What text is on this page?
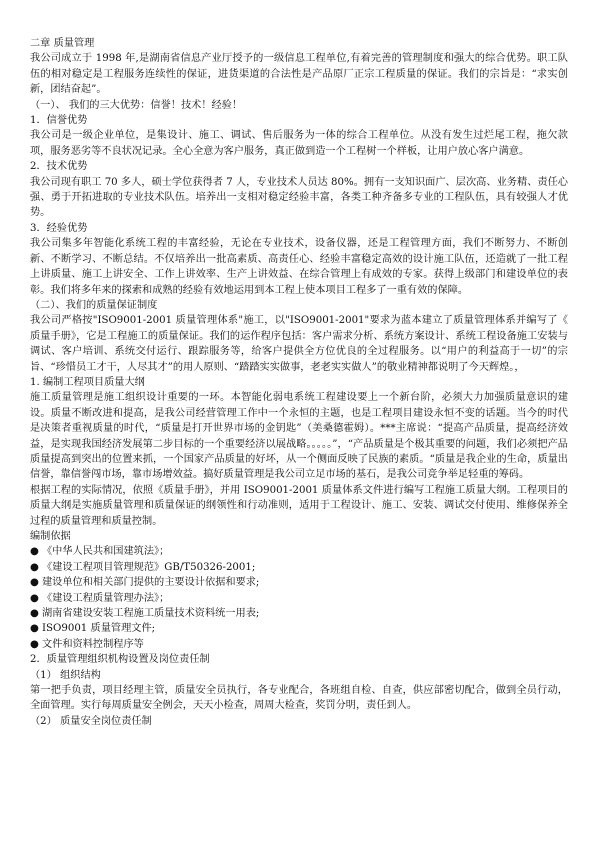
二章 质量管理

我公司成立于 1998 年,是湖南省信息产业厅授予的一级信息工程单位,有着完善的管理制度和强大的综合优势。职工队伍的相对稳定是工程服务连续性的保证，进货渠道的合法性是产品原厂正宗工程质量的保证。我们的宗旨是：“求实创新，团结奋起”。

（一）、 我们的三大优势：信誉！技术！经验！

1．信誉优势

我公司是一级企业单位，是集设计、施工、调试、售后服务为一体的综合工程单位。从没有发生过烂尾工程，拖欠款项，服务恶劣等不良状况记录。全心全意为客户服务，真正做到造一个工程树一个样板，让用户放心客户满意。

2．技术优势

我公司现有职工 70 多人，硕士学位获得者 7 人，专业技术人员达 80%。拥有一支知识面广、层次高、业务精、责任心强、勇于开拓进取的专业技术队伍。培养出一支相对稳定经验丰富，各类工种齐备多专业的工程队伍，具有较强人才优势。

3．经验优势

我公司集多年智能化系统工程的丰富经验，无论在专业技术，设备仪器，还是工程管理方面，我们不断努力、不断创新、不断学习、不断总结。不仅培养出一批高素质、高责任心、经验丰富稳定高效的设计施工队伍，还造就了一批工程上讲质量、施工上讲安全、工作上讲效率、生产上讲效益、在综合管理上有成效的专家。获得上级部门和建设单位的表彰。我们将多年来的探索和成熟的经验有效地运用到本工程上使本项目工程多了一重有效的保障。

（二）、我们的质量保证制度

我公司严格按"ISO9001-2001 质量管理体系"施工，以"ISO9001-2001"要求为蓝本建立了质量管理体系并编写了《 质量手册》，它是工程施工的质量保证。我们的运作程序包括：客户需求分析、系统方案设计、系统工程设备施工安装与调试、客户培训、系统交付运行、跟踪服务等，给客户提供全方位优良的全过程服务。以“用户的利益高于一切”的宗旨、“珍惜员工才干，人尽其才”的用人原则、“踏踏实实做事，老老实实做人”的敬业精神都说明了今天辉煌。，

1. 编制工程项目质量大纲

施工质量管理是施工组织设计重要的一环。本智能化弱电系统工程建设要上一个新台阶，必须大力加强质量意识的建设。质量不断改进和提高，是我公司经营管理工作中一个永恒的主题，也是工程项目建设永恒不变的话题。当今的时代是决策者重视质量的时代，“质量是打开世界市场的金钥匙”（美桑德霍姆）。***主席说：“提高产品质量，提高经济效益，是实现我国经济发展第二步目标的一个重要经济以展战略。。。。。”，“产品质量是个极其重要的问题，我们必须把产品质量提高到突出的位置来抓，一个国家产品质量的好坏，从一个侧面反映了民族的素质。“质量是我企业的生命，质量出信誉，靠信誉闯市场，靠市场增效益。搞好质量管理是我公司立足市场的基石，是我公司竞争举足轻重的筹码。

根据工程的实际情况，依照《质量手册》，并用 ISO9001-2001 质量体系文件进行编写工程施工质量大纲。工程项目的质量大纲是实施质量管理和质量保证的纲领性和行动准则，适用于工程设计、施工、安装、调试交付使用、维修保养全过程的质量管理和质量控制。

编制依据

● 《中华人民共和国建筑法》；
● 《建设工程项目管理规范》GB/T50326-2001;
● 建设单位和相关部门提供的主要设计依据和要求;
● 《建设工程质量管理办法》；
● 湖南省建设安装工程施工质量技术资料统一用表;
● ISO9001 质量管理文件;
● 文件和资料控制程序等

2．质量管理组织机构设置及岗位责任制

（1） 组织结构

第一把手负责，项目经理主管，质量安全员执行，各专业配合，各班组自检、自查，供应部密切配合，做到全员行动，全面管理。实行每周质量安全例会，天天小检查，周周大检查，奖罚分明，责任到人。

（2） 质量安全岗位责任制
